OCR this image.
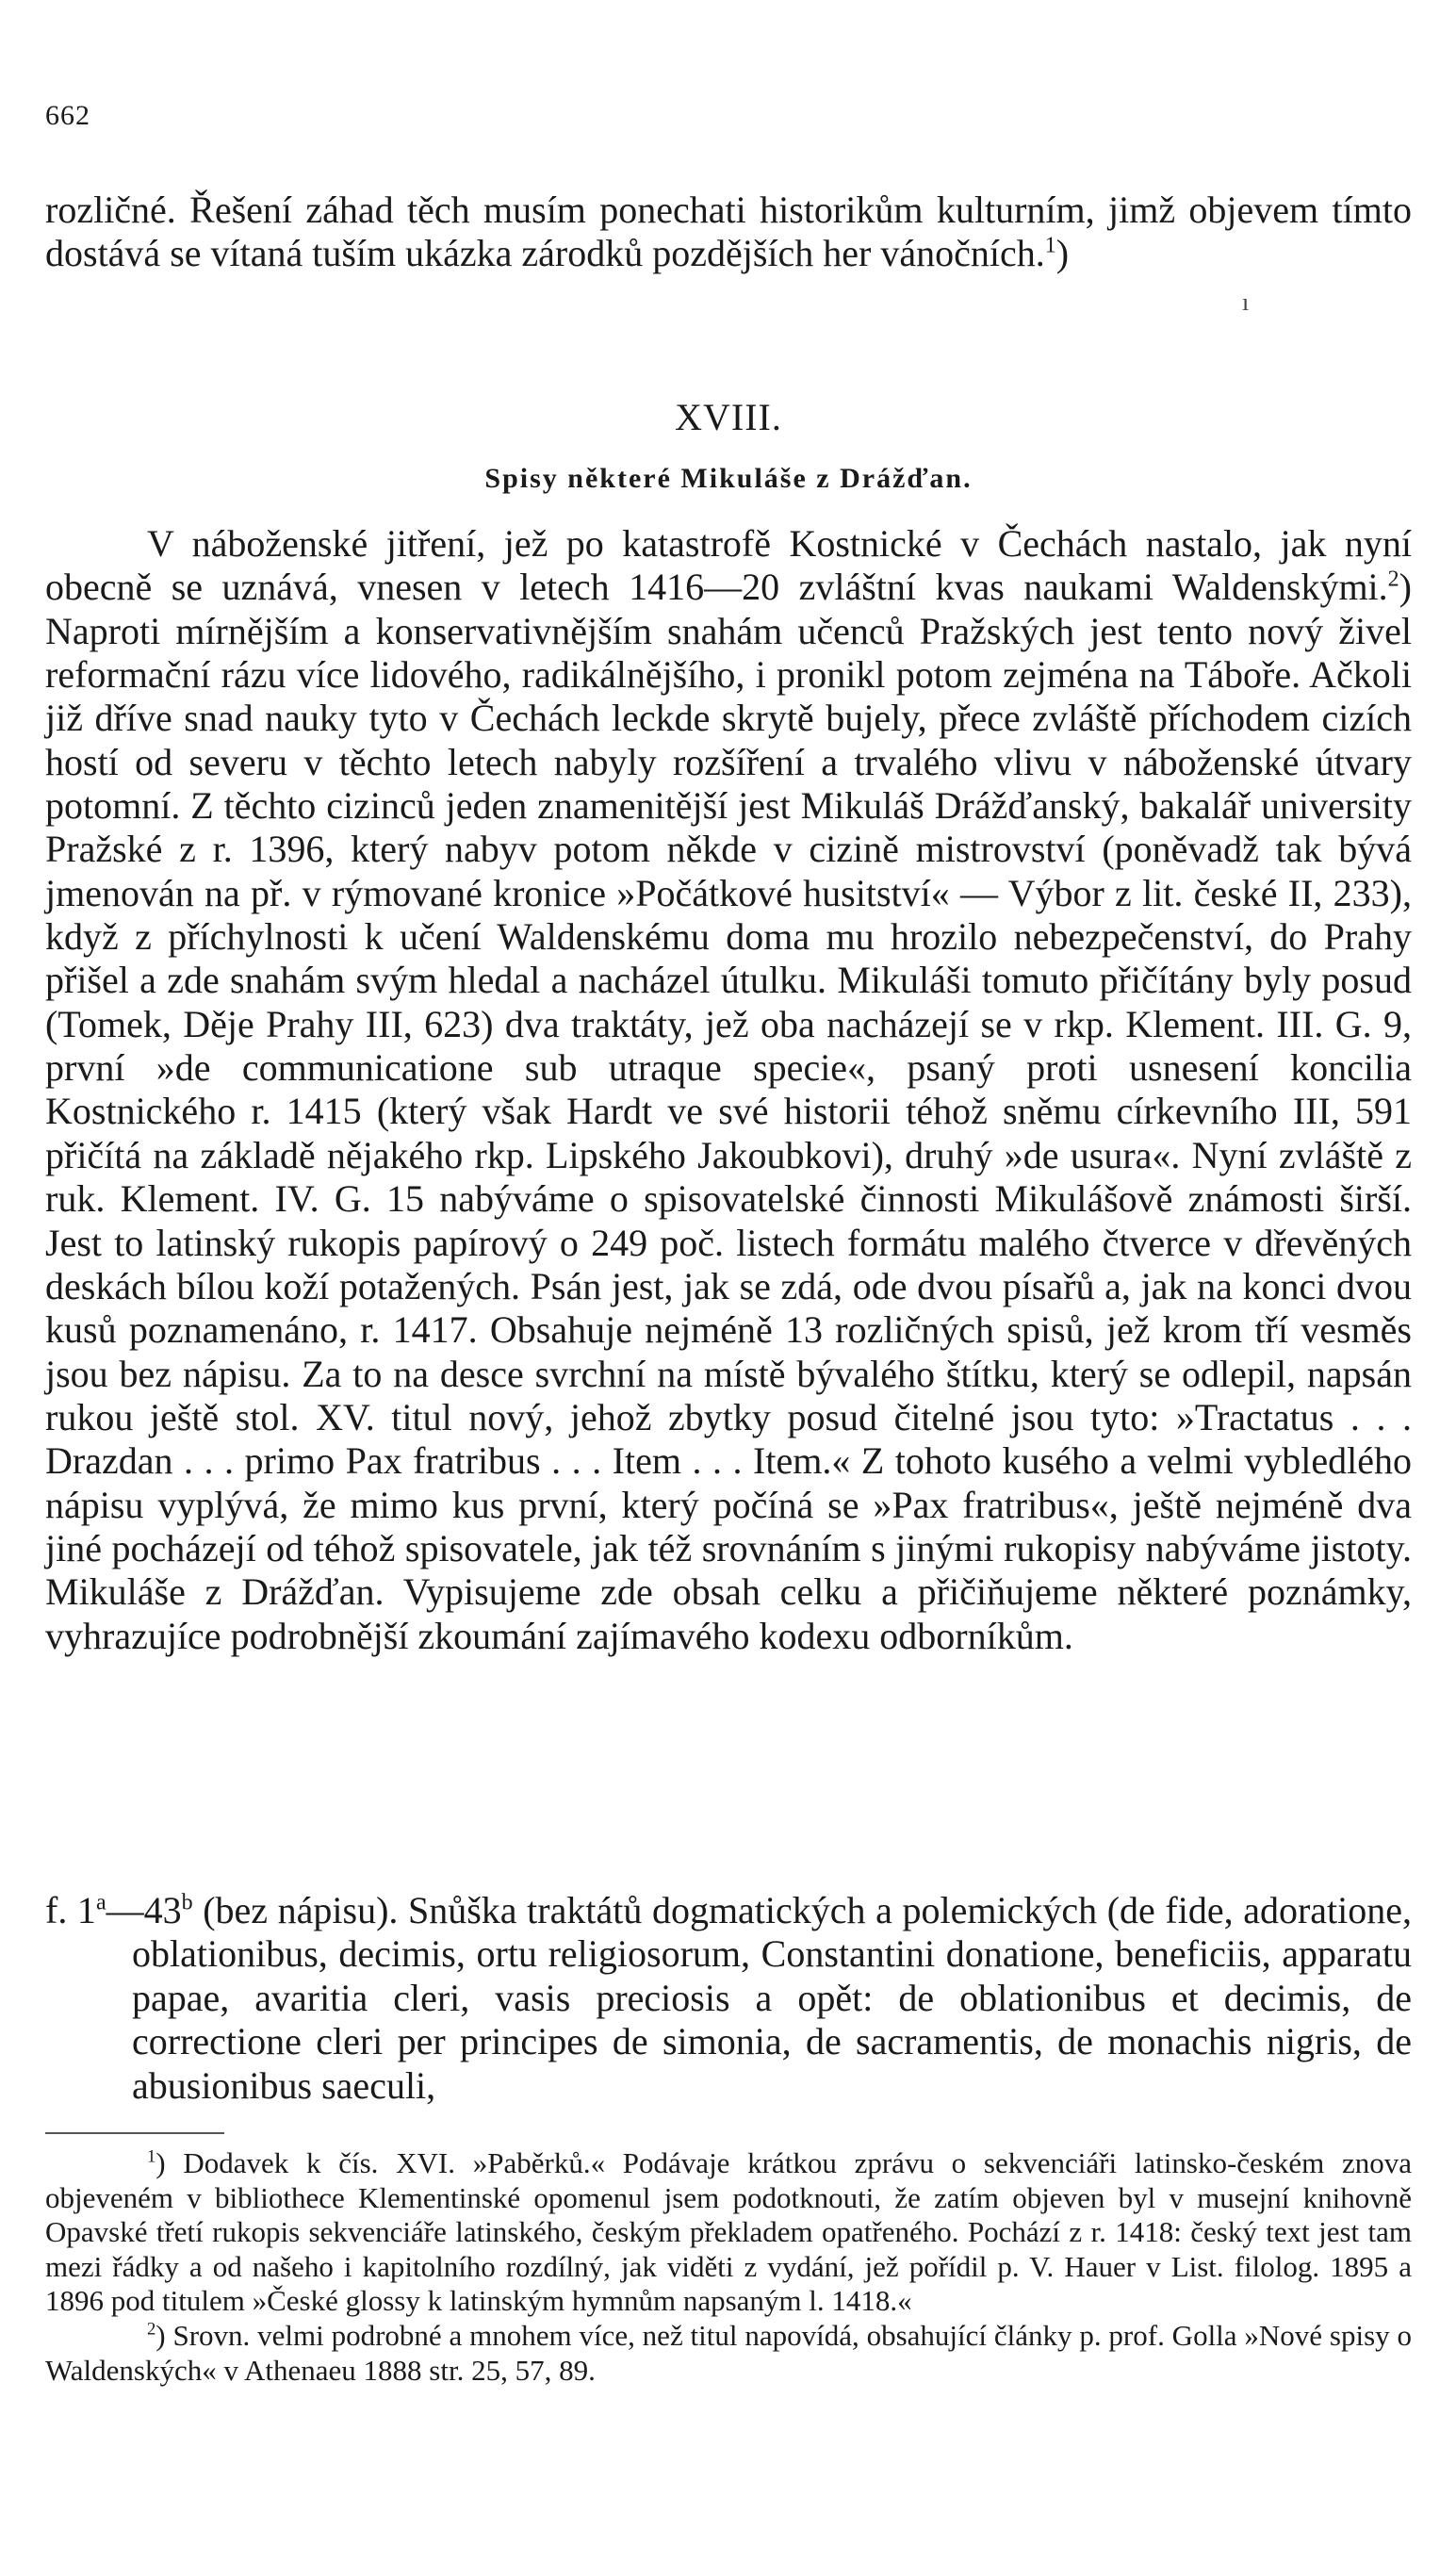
662

rozličné. Řešení záhad těch musím ponechati historikům kulturním, jimž objevem tímto dostává se vítaná tuším ukázka zárodků pozdějších her vánočních.$^1$)

ı
XVIII.
Spisy některé Mikuláše z Drážďan.

V náboženské jitření, jež po katastrofě Kostnické v Čechách nastalo, jak nyní obecně se uznává, vnesen v letech 1416—20 zvláštní kvas naukami Waldenskými.$^2$) Naproti mírnějším a konservativnějším snahám učenců Pražských jest tento nový živel reformační rázu více lidového, radikálnějšího, i pronikl potom zejména na Táboře. Ačkoli již dříve snad nauky tyto v Čechách leckde skrytě bujely, přece zvláště příchodem cizích hostí od severu v těchto letech nabyly rozšíření a trvalého vlivu v náboženské útvary potomní. Z těchto cizinců jeden znamenitější jest Mikuláš Drážďanský, bakalář university Pražské z r. 1396, který nabyv potom někde v cizině mistrovství (poněvadž tak bývá jmenován na př. v rýmované kronice »Počátkové husitství« — Výbor z lit. české II, 233), když z příchylnosti k učení Waldenskému doma mu hrozilo nebezpečenství, do Prahy přišel a zde snahám svým hledal a nacházel útulku. Mikuláši tomuto přičítány byly posud (Tomek, Děje Prahy III, 623) dva traktáty, jež oba nacházejí se v rkp. Klement. III. G. 9, první »de communicatione sub utraque specie«, psaný proti usnesení koncilia Kostnického r. 1415 (který však Hardt ve své historii téhož sněmu církevního III, 591 přičítá na základě nějakého rkp. Lipského Jakoubkovi), druhý »de usura«. Nyní zvláště z ruk. Klement. IV. G. 15 nabýváme o spisovatelské činnosti Mikulášově známosti širší. Jest to latinský rukopis papírový o 249 poč. listech formátu malého čtverce v dřevěných deskách bílou koží potažených. Psán jest, jak se zdá, ode dvou písařů a, jak na konci dvou kusů poznamenáno, r. 1417. Obsahuje nejméně 13 rozličných spisů, jež krom tří vesměs jsou bez nápisu. Za to na desce svrchní na místě bývalého štítku, který se odlepil, napsán rukou ještě stol. XV. titul nový, jehož zbytky posud čitelné jsou tyto: »Tractatus . . . Drazdan . . . primo Pax fratribus . . . Item . . . Item.« Z tohoto kusého a velmi vybledlého nápisu vyplývá, že mimo kus první, který počíná se »Pax fratribus«, ještě nejméně dva jiné pocházejí od téhož spisovatele, jak též srovnáním s jinými rukopisy nabýváme jistoty. Mikuláše z Drážďan. Vypisujeme zde obsah celku a přičiňujeme některé poznámky, vyhrazujíce podrobnější zkoumání zajímavého kodexu odborníkům.

f. 1$^a$—43$^b$ (bez nápisu). Snůška traktátů dogmatických a polemických (de fide, adoratione, oblationibus, decimis, ortu religiosorum, Constantini donatione, beneficiis, apparatu papae, avaritia cleri, vasis preciosis a opět: de oblationibus et decimis, de correctione cleri per principes de simonia, de sacramentis, de monachis nigris, de abusionibus saeculi,

$^1$) Dodavek k čís. XVI. »Paběrků.« Podávaje krátkou zprávu o sekvenciáři latinsko-českém znova objeveném v bibliothece Klementinské opomenul jsem podotknouti, že zatím objeven byl v musejní knihovně Opavské třetí rukopis sekvenciáře latinského, českým překladem opatřeného. Pochází z r. 1418: český text jest tam mezi řádky a od našeho i kapitolního rozdílný, jak viděti z vydání, jež pořídil p. V. Hauer v List. filolog. 1895 a 1896 pod titulem »České glossy k latinským hymnům napsaným l. 1418.«

$^2$) Srovn. velmi podrobné a mnohem více, než titul napovídá, obsahující články p. prof. Golla »Nové spisy o Waldenských« v Athenaeu 1888 str. 25, 57, 89.
